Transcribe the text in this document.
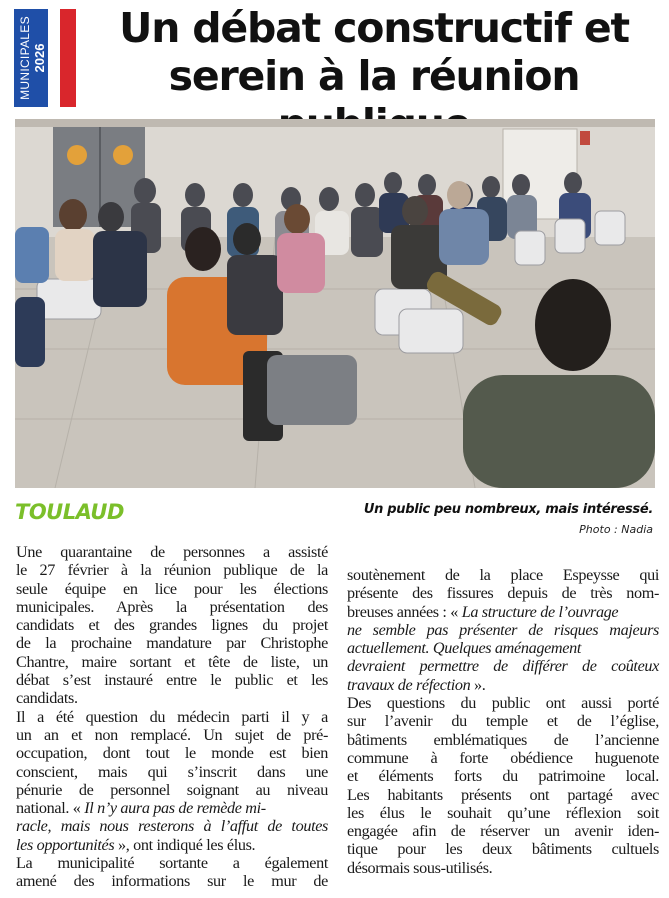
MUNICIPALES 2026
Un débat constructif et
serein à la réunion
TOULAUD	Un public peu nombreux, mais intéressé.
Photo : Nadia
Une quarantaine de personnes a assisté
le 27 février à la réunion publique de la
seule équipe en lice pour les élections
municipales. Après la présentation des
candidats et des grandes lignes du projet
de la prochaine mandature par Christophe
Chantre, maire sortant et tête de liste, un
débat s’est instauré entre le public et les
candidats.
Il a été question du médecin parti il y a
un an et non remplacé. Un sujet de pré-
occupation, dont tout le monde est bien
conscient, mais qui s’inscrit dans une
pénurie de personnel soignant au niveau
national. « Il n’y aura pas de remède mi-
racle, mais nous resterons à l’affut de toutes
les opportunités », ont indiqué les élus.
La municipalité sortante a également
amené des informations sur le mur de
soutènement de la place Espeysse qui
présente des fissures depuis de très nom-
breuses années : « La structure de l’ouvrage
ne semble pas présenter de risques majeurs
actuellement. Quelques aménagement
devraient permettre de différer de coûteux
travaux de réfection ».
Des questions du public ont aussi porté
sur l’avenir du temple et de l’église,
bâtiments emblématiques de l’ancienne
commune à forte obédience huguenote
et éléments forts du patrimoine local.
Les habitants présents ont partagé avec
les élus le souhait qu’une réflexion soit
engagée afin de réserver un avenir iden-
tique pour les deux bâtiments cultuels
désormais sous-utilisés.
